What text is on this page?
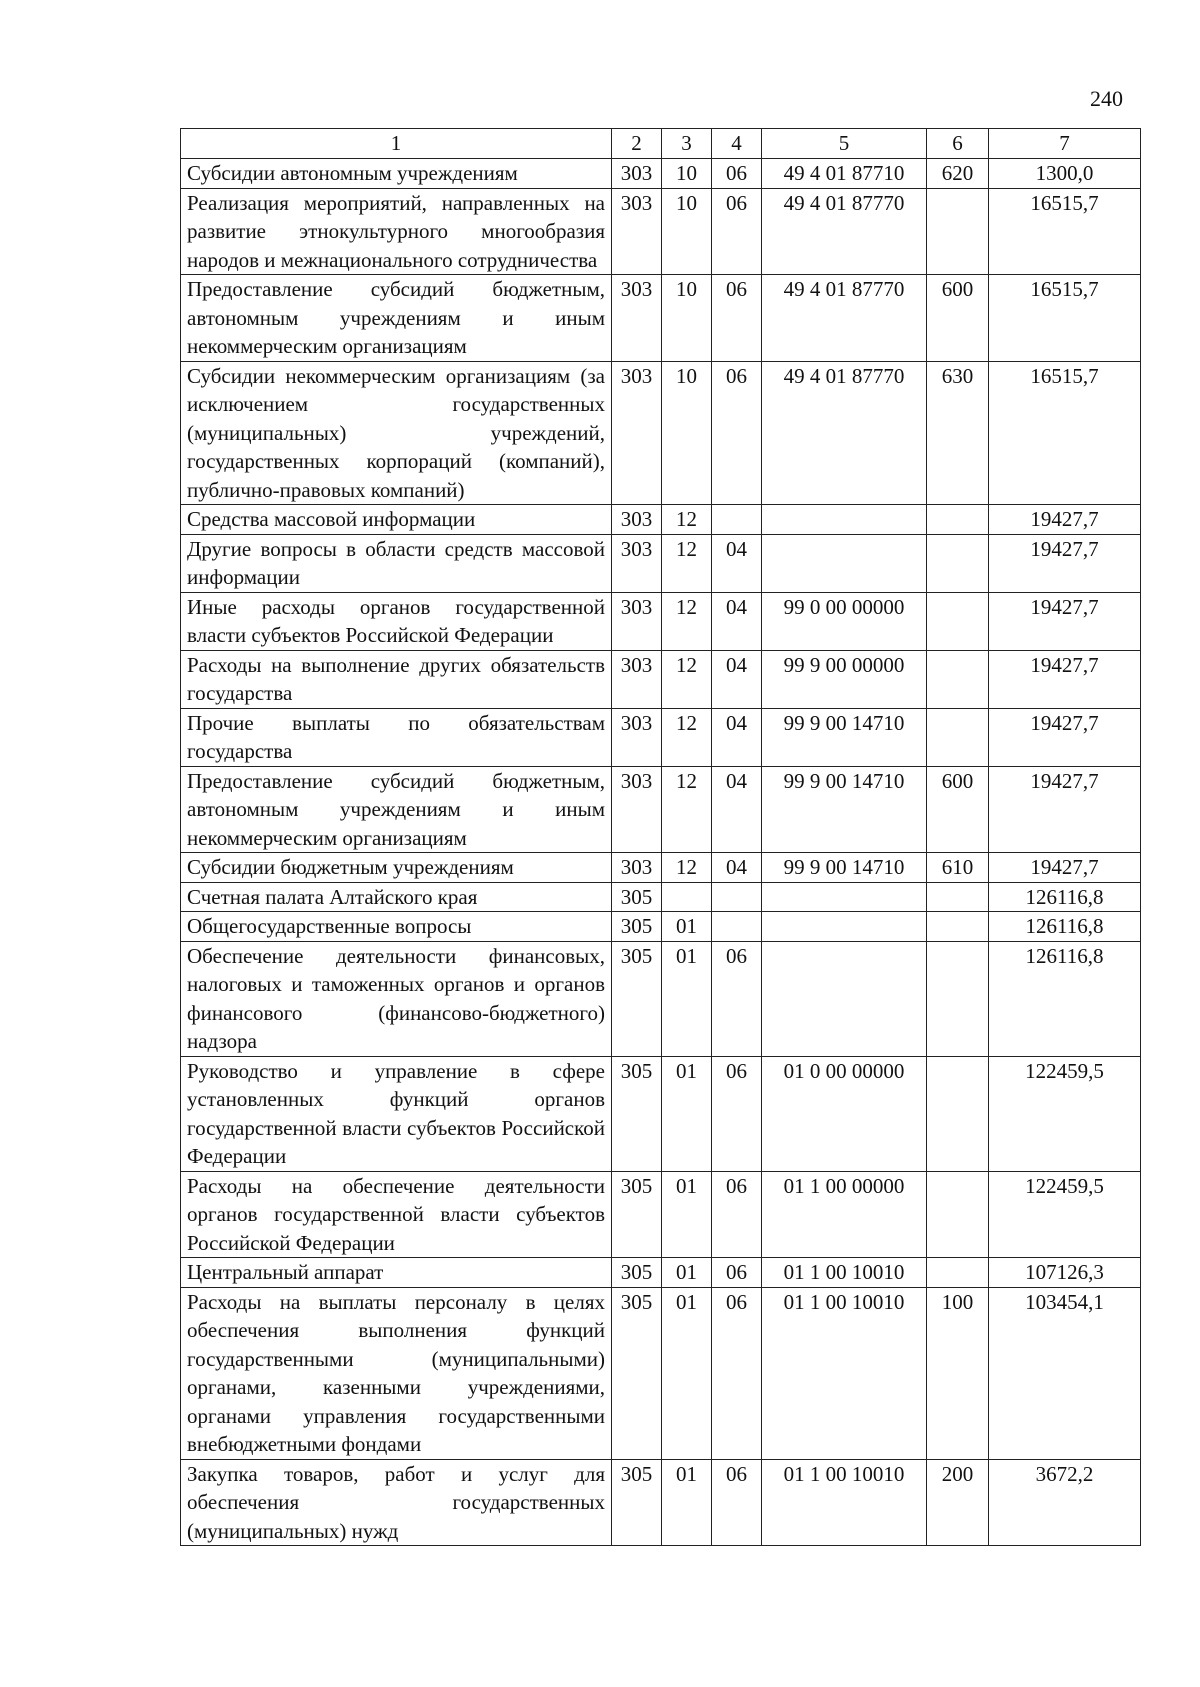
240
1	2	3	4	5	6	7
Субсидии автономным учреждениям	303	10	06	49 4 01 87710	620	1300,0
Реализация мероприятий, направленных на развитие этнокультурного многообразия народов и межнационального сотрудничества	303	10	06	49 4 01 87770		16515,7
Предоставление субсидий бюджетным, автономным учреждениям и иным некоммерческим организациям	303	10	06	49 4 01 87770	600	16515,7
Субсидии некоммерческим организациям (за исключением государственных (муниципальных) учреждений, государственных корпораций (компаний), публично-правовых компаний)	303	10	06	49 4 01 87770	630	16515,7
Средства массовой информации	303	12				19427,7
Другие вопросы в области средств массовой информации	303	12	04			19427,7
Иные расходы органов государственной власти субъектов Российской Федерации	303	12	04	99 0 00 00000		19427,7
Расходы на выполнение других обязательств государства	303	12	04	99 9 00 00000		19427,7
Прочие выплаты по обязательствам государства	303	12	04	99 9 00 14710		19427,7
Предоставление субсидий бюджетным, автономным учреждениям и иным некоммерческим организациям	303	12	04	99 9 00 14710	600	19427,7
Субсидии бюджетным учреждениям	303	12	04	99 9 00 14710	610	19427,7
Счетная палата Алтайского края	305					126116,8
Общегосударственные вопросы	305	01				126116,8
Обеспечение деятельности финансовых, налоговых и таможенных органов и органов финансового (финансово-бюджетного) надзора	305	01	06			126116,8
Руководство и управление в сфере установленных функций органов государственной власти субъектов Российской Федерации	305	01	06	01 0 00 00000		122459,5
Расходы на обеспечение деятельности органов государственной власти субъектов Российской Федерации	305	01	06	01 1 00 00000		122459,5
Центральный аппарат	305	01	06	01 1 00 10010		107126,3
Расходы на выплаты персоналу в целях обеспечения выполнения функций государственными (муниципальными) органами, казенными учреждениями, органами управления государственными внебюджетными фондами	305	01	06	01 1 00 10010	100	103454,1
Закупка товаров, работ и услуг для обеспечения государственных (муниципальных) нужд	305	01	06	01 1 00 10010	200	3672,2
